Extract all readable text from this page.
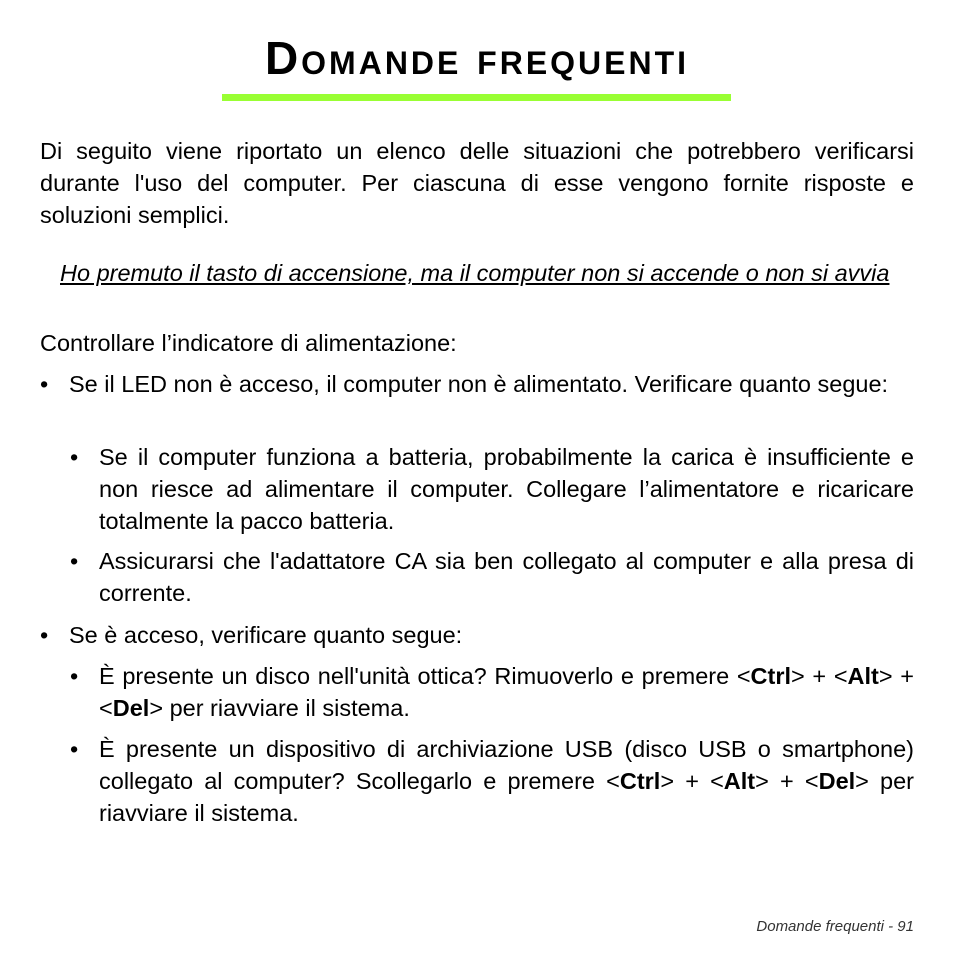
Domande frequenti
Di seguito viene riportato un elenco delle situazioni che potrebbero verificarsi durante l'uso del computer. Per ciascuna di esse vengono fornite risposte e soluzioni semplici.
Ho premuto il tasto di accensione, ma il computer non si accende o non si avvia
Controllare l’indicatore di alimentazione:
• Se il LED non è acceso, il computer non è alimentato. Verificare quanto segue:
• Se il computer funziona a batteria, probabilmente la carica è insufficiente e non riesce ad alimentare il computer. Collegare l’alimentatore e ricaricare totalmente la pacco batteria.
• Assicurarsi che l'adattatore CA sia ben collegato al computer e alla presa di corrente.
• Se è acceso, verificare quanto segue:
• È presente un disco nell'unità ottica? Rimuoverlo e premere <Ctrl> + <Alt> + <Del> per riavviare il sistema.
• È presente un dispositivo di archiviazione USB (disco USB o smartphone) collegato al computer? Scollegarlo e premere <Ctrl> + <Alt> + <Del> per riavviare il sistema.
Domande frequenti - 91
